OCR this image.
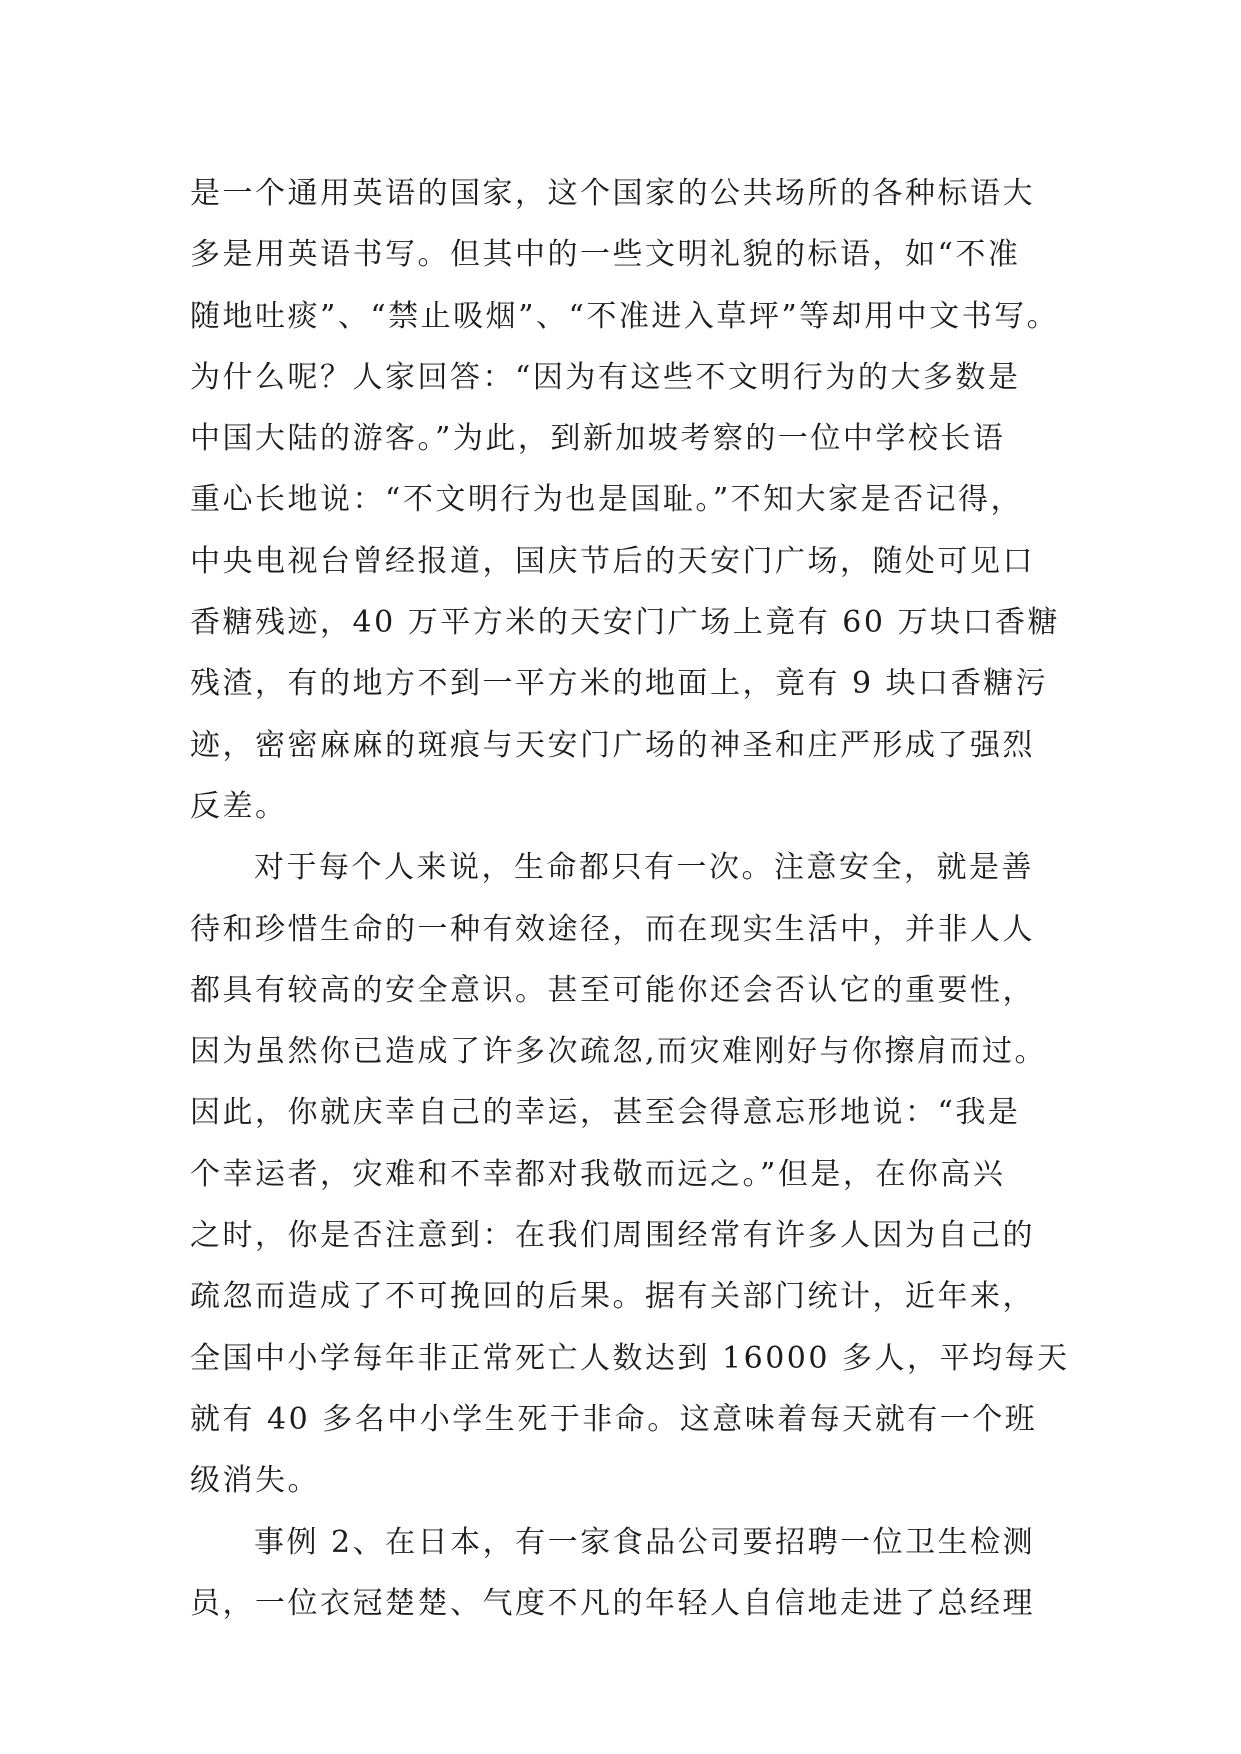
是一个通用英语的国家，这个国家的公共场所的各种标语大
多是用英语书写。但其中的一些文明礼貌的标语，如“不准
随地吐痰”、“禁止吸烟”、“不准进入草坪”等却用中文书写。
为什么呢？人家回答：“因为有这些不文明行为的大多数是
中国大陆的游客。”为此，到新加坡考察的一位中学校长语
重心长地说：“不文明行为也是国耻。”不知大家是否记得，
中央电视台曾经报道，国庆节后的天安门广场，随处可见口
香糖残迹，40 万平方米的天安门广场上竟有 60 万块口香糖
残渣，有的地方不到一平方米的地面上，竟有 9 块口香糖污
迹，密密麻麻的斑痕与天安门广场的神圣和庄严形成了强烈
反差。
对于每个人来说，生命都只有一次。注意安全，就是善
待和珍惜生命的一种有效途径，而在现实生活中，并非人人
都具有较高的安全意识。甚至可能你还会否认它的重要性，
因为虽然你已造成了许多次疏忽,而灾难刚好与你擦肩而过。
因此，你就庆幸自己的幸运，甚至会得意忘形地说：“我是
个幸运者，灾难和不幸都对我敬而远之。”但是，在你高兴
之时，你是否注意到：在我们周围经常有许多人因为自己的
疏忽而造成了不可挽回的后果。据有关部门统计，近年来，
全国中小学每年非正常死亡人数达到 16000 多人，平均每天
就有 40 多名中小学生死于非命。这意味着每天就有一个班
级消失。
事例 2、在日本，有一家食品公司要招聘一位卫生检测
员，一位衣冠楚楚、气度不凡的年轻人自信地走进了总经理
